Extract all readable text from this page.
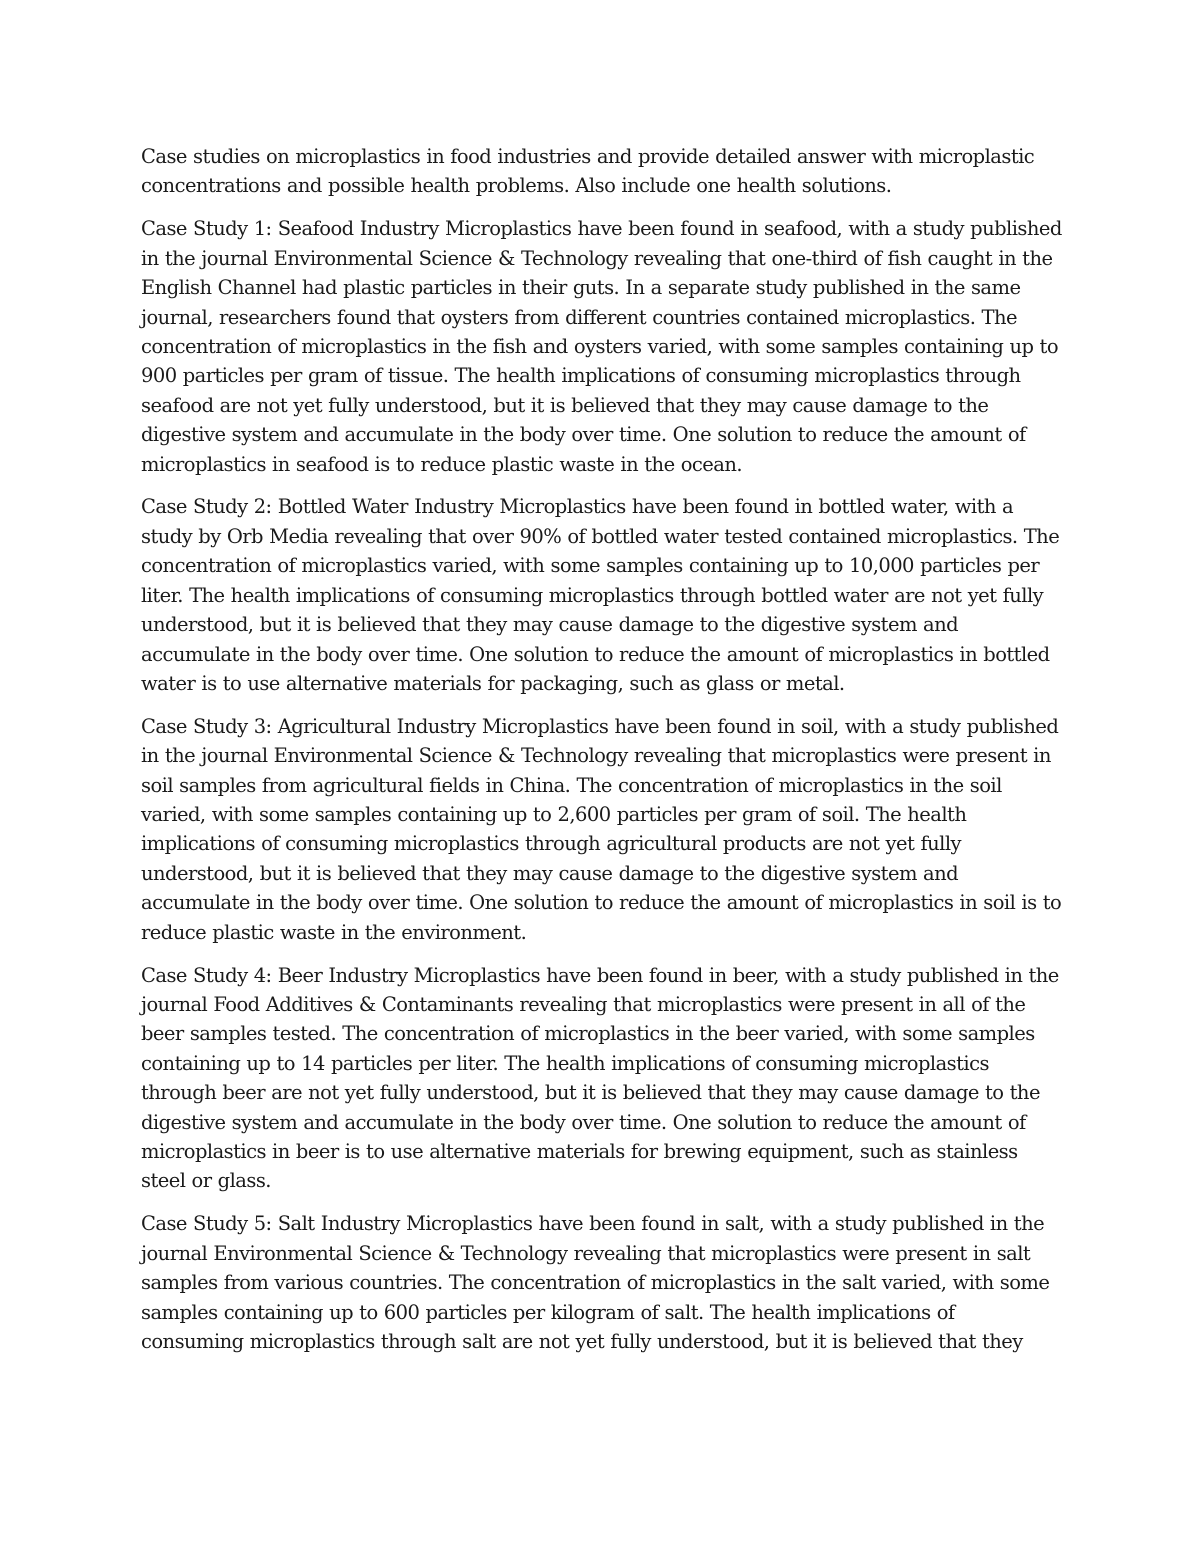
Case studies on microplastics in food industries and provide detailed answer with microplastic concentrations and possible health problems. Also include one health solutions.

Case Study 1: Seafood Industry Microplastics have been found in seafood, with a study published in the journal Environmental Science & Technology revealing that one-third of fish caught in the English Channel had plastic particles in their guts. In a separate study published in the same journal, researchers found that oysters from different countries contained microplastics. The concentration of microplastics in the fish and oysters varied, with some samples containing up to 900 particles per gram of tissue. The health implications of consuming microplastics through seafood are not yet fully understood, but it is believed that they may cause damage to the digestive system and accumulate in the body over time. One solution to reduce the amount of microplastics in seafood is to reduce plastic waste in the ocean.

Case Study 2: Bottled Water Industry Microplastics have been found in bottled water, with a study by Orb Media revealing that over 90% of bottled water tested contained microplastics. The concentration of microplastics varied, with some samples containing up to 10,000 particles per liter. The health implications of consuming microplastics through bottled water are not yet fully understood, but it is believed that they may cause damage to the digestive system and accumulate in the body over time. One solution to reduce the amount of microplastics in bottled water is to use alternative materials for packaging, such as glass or metal.

Case Study 3: Agricultural Industry Microplastics have been found in soil, with a study published in the journal Environmental Science & Technology revealing that microplastics were present in soil samples from agricultural fields in China. The concentration of microplastics in the soil varied, with some samples containing up to 2,600 particles per gram of soil. The health implications of consuming microplastics through agricultural products are not yet fully understood, but it is believed that they may cause damage to the digestive system and accumulate in the body over time. One solution to reduce the amount of microplastics in soil is to reduce plastic waste in the environment.

Case Study 4: Beer Industry Microplastics have been found in beer, with a study published in the journal Food Additives & Contaminants revealing that microplastics were present in all of the beer samples tested. The concentration of microplastics in the beer varied, with some samples containing up to 14 particles per liter. The health implications of consuming microplastics through beer are not yet fully understood, but it is believed that they may cause damage to the digestive system and accumulate in the body over time. One solution to reduce the amount of microplastics in beer is to use alternative materials for brewing equipment, such as stainless steel or glass.

Case Study 5: Salt Industry Microplastics have been found in salt, with a study published in the journal Environmental Science & Technology revealing that microplastics were present in salt samples from various countries. The concentration of microplastics in the salt varied, with some samples containing up to 600 particles per kilogram of salt. The health implications of consuming microplastics through salt are not yet fully understood, but it is believed that they
